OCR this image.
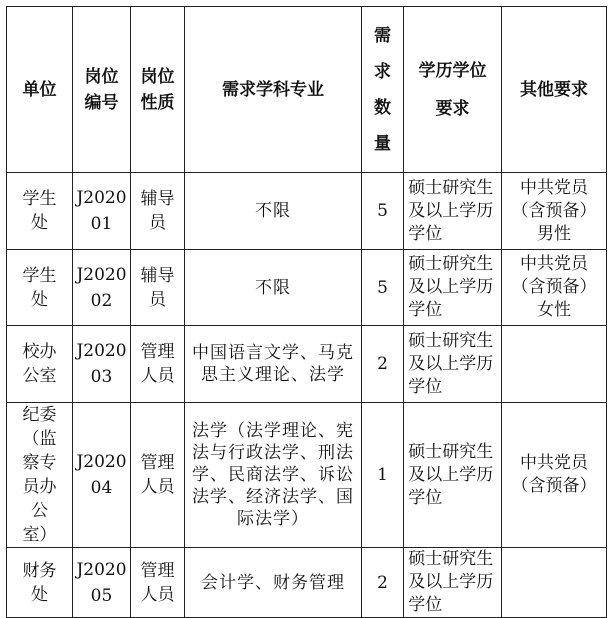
单位	岗位编号	岗位性质	需求学科专业	需求数量	学历学位要求	其他要求
学生处	J202001	辅导员	不限	5	硕士研究生及以上学历学位	中共党员（含预备）男性
学生处	J202002	辅导员	不限	5	硕士研究生及以上学历学位	中共党员（含预备）女性
校办公室	J202003	管理人员	中国语言文学、马克思主义理论、法学	2	硕士研究生及以上学历学位	
纪委（监察专员办公室）	J202004	管理人员	法学（法学理论、宪法与行政法学、刑法学、民商法学、诉讼法学、经济法学、国际法学）	1	硕士研究生及以上学历学位	中共党员（含预备）
财务处	J202005	管理人员	会计学、财务管理	2	硕士研究生及以上学历学位	
